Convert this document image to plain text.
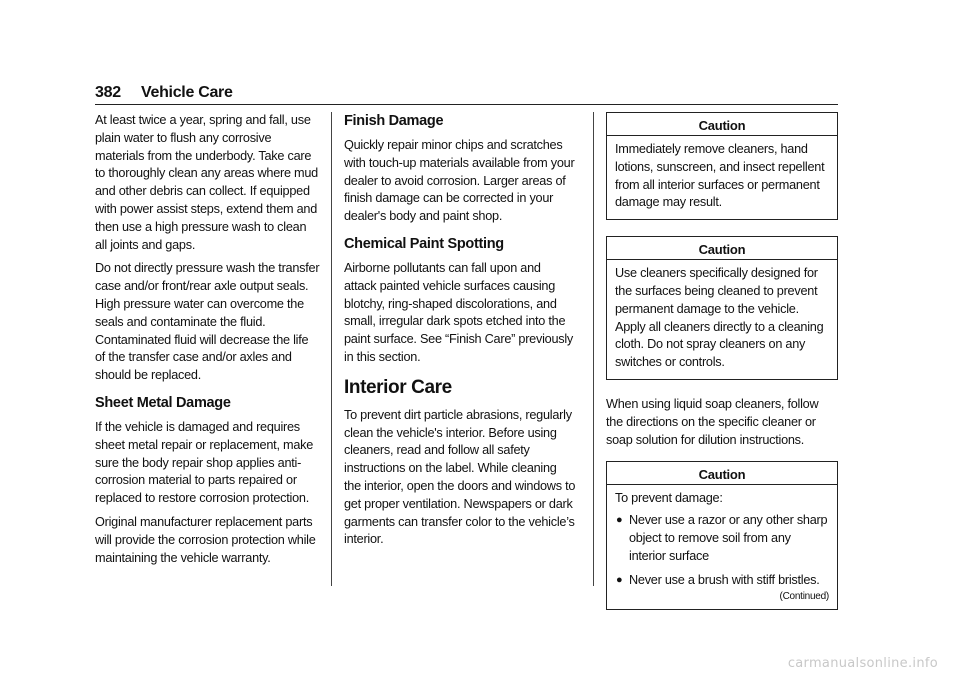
382 Vehicle Care

At least twice a year, spring and fall, use plain water to flush any corrosive materials from the underbody. Take care to thoroughly clean any areas where mud and other debris can collect. If equipped with power assist steps, extend them and then use a high pressure wash to clean all joints and gaps.

Do not directly pressure wash the transfer case and/or front/rear axle output seals. High pressure water can overcome the seals and contaminate the fluid. Contaminated fluid will decrease the life of the transfer case and/or axles and should be replaced.

Sheet Metal Damage

If the vehicle is damaged and requires sheet metal repair or replacement, make sure the body repair shop applies anti-corrosion material to parts repaired or replaced to restore corrosion protection.

Original manufacturer replacement parts will provide the corrosion protection while maintaining the vehicle warranty.

Finish Damage

Quickly repair minor chips and scratches with touch-up materials available from your dealer to avoid corrosion. Larger areas of finish damage can be corrected in your dealer's body and paint shop.

Chemical Paint Spotting

Airborne pollutants can fall upon and attack painted vehicle surfaces causing blotchy, ring-shaped discolorations, and small, irregular dark spots etched into the paint surface. See “Finish Care” previously in this section.

Interior Care

To prevent dirt particle abrasions, regularly clean the vehicle's interior. Before using cleaners, read and follow all safety instructions on the label. While cleaning the interior, open the doors and windows to get proper ventilation. Newspapers or dark garments can transfer color to the vehicle’s interior.

Caution
Immediately remove cleaners, hand lotions, sunscreen, and insect repellent from all interior surfaces or permanent damage may result.
Caution
Use cleaners specifically designed for the surfaces being cleaned to prevent permanent damage to the vehicle. Apply all cleaners directly to a cleaning cloth. Do not spray cleaners on any switches or controls.

When using liquid soap cleaners, follow the directions on the specific cleaner or soap solution for dilution instructions.

Caution
To prevent damage:
● Never use a razor or any other sharp object to remove soil from any interior surface
● Never use a brush with stiff bristles.
(Continued)
carmanualsonline.info
